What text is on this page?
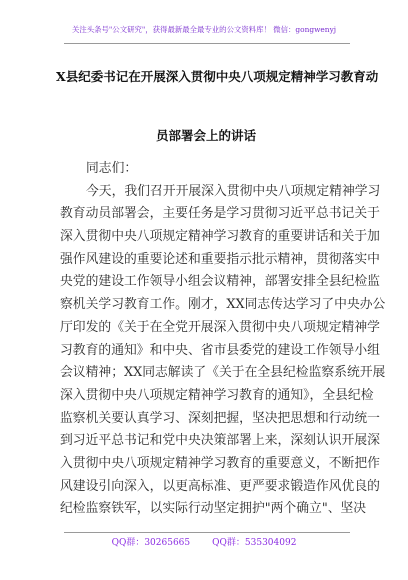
关注头条号"公文研究"，获得最新最全最专业的公文资料库！ 微信：gongwenyj
X县纪委书记在开展深入贯彻中央八项规定精神学习教育动
员部署会上的讲话
同志们：
今天，我们召开开展深入贯彻中央八项规定精神学习
教育动员部署会，主要任务是学习贯彻习近平总书记关于
深入贯彻中央八项规定精神学习教育的重要讲话和关于加
强作风建设的重要论述和重要指示批示精神，贯彻落实中
央党的建设工作领导小组会议精神，部署安排全县纪检监
察机关学习教育工作。刚才，XX同志传达学习了中央办公
厅印发的《关于在全党开展深入贯彻中央八项规定精神学
习教育的通知》和中央、省市县委党的建设工作领导小组
会议精神；XX同志解读了《关于在全县纪检监察系统开展
深入贯彻中央八项规定精神学习教育的通知》，全县纪检
监察机关要认真学习、深刻把握，坚决把思想和行动统一
到习近平总书记和党中央决策部署上来，深刻认识开展深
入贯彻中央八项规定精神学习教育的重要意义，不断把作
风建设引向深入，以更高标准、更严要求锻造作风优良的
纪检监察铁军，以实际行动坚定拥护"两个确立"、坚决
QQ群：30265665 QQ群：535304092
